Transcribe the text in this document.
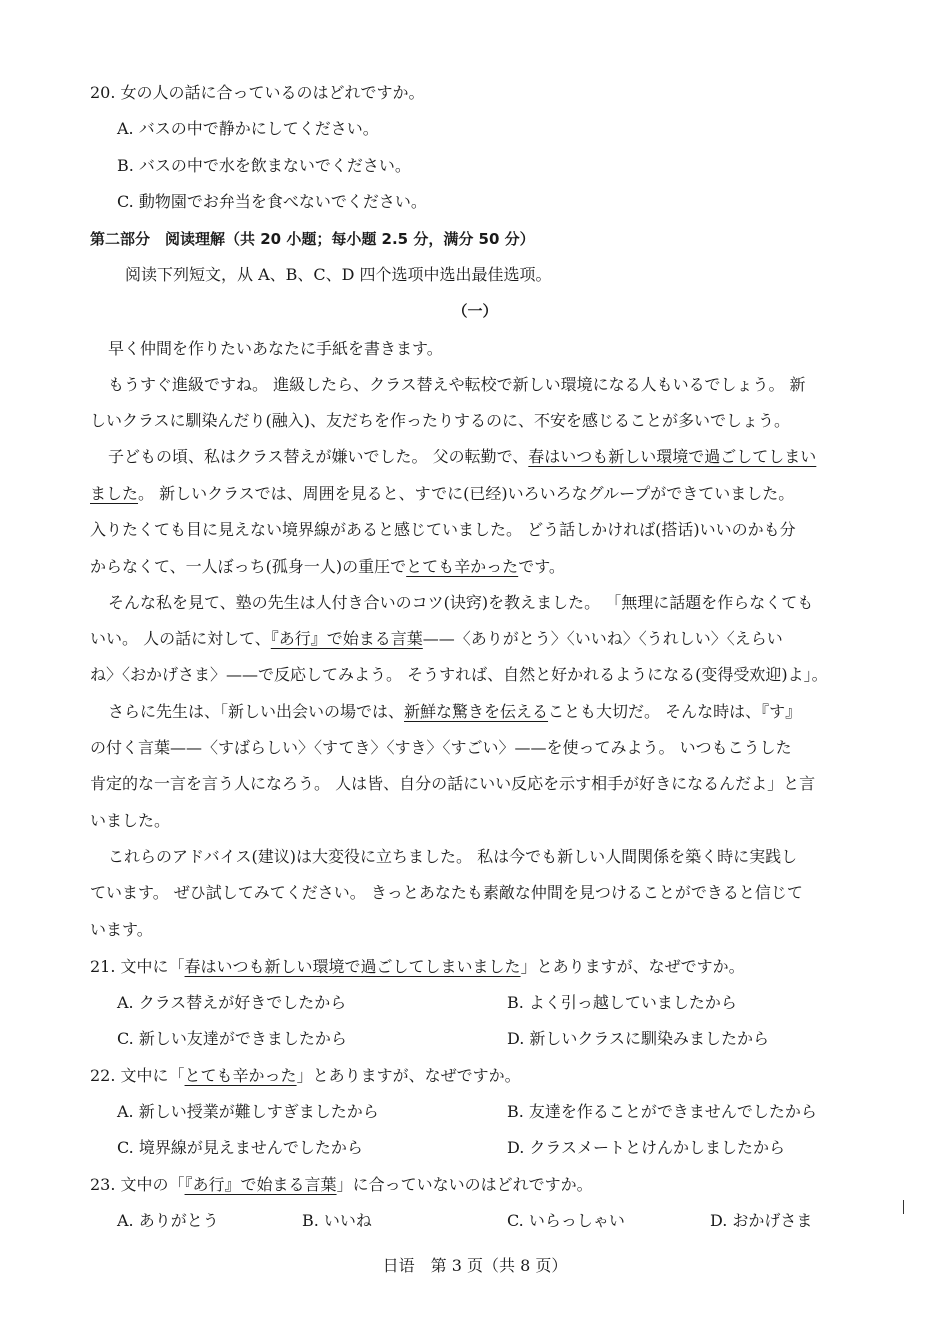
20. 女の人の話に合っているのはどれですか。
A. バスの中で静かにしてください。
B. バスの中で水を飲まないでください。
C. 動物園でお弁当を食べないでください。
第二部分　阅读理解（共 20 小题；每小题 2.5 分，满分 50 分）
阅读下列短文，从 A、B、C、D 四个选项中选出最佳选项。
（一）
早く仲間を作りたいあなたに手紙を書きます。
もうすぐ進級ですね。 進級したら、クラス替えや転校で新しい環境になる人もいるでしょう。 新
しいクラスに馴染んだり(融入)、友だちを作ったりするのに、不安を感じることが多いでしょう。
子どもの頃、私はクラス替えが嫌いでした。 父の転勤で、春はいつも新しい環境で過ごしてしまい
ました。 新しいクラスでは、周囲を見ると、すでに(已经)いろいろなグループができていました。
入りたくても目に見えない境界線があると感じていました。 どう話しかければ(搭话)いいのかも分
からなくて、一人ぼっち(孤身一人)の重圧でとても辛かったです。
そんな私を見て、塾の先生は人付き合いのコツ(诀窍)を教えました。 「無理に話題を作らなくても
いい。 人の話に対して、『あ行』で始まる言葉——〈ありがとう〉〈いいね〉〈うれしい〉〈えらい
ね〉〈おかげさま〉——で反応してみよう。 そうすれば、自然と好かれるようになる(变得受欢迎)よ」。
さらに先生は、「新しい出会いの場では、新鮮な驚きを伝えることも大切だ。 そんな時は、『す』
の付く言葉——〈すばらしい〉〈すてき〉〈すき〉〈すごい〉——を使ってみよう。 いつもこうした
肯定的な一言を言う人になろう。 人は皆、自分の話にいい反応を示す相手が好きになるんだよ」と言
いました。
これらのアドバイス(建议)は大変役に立ちました。 私は今でも新しい人間関係を築く時に実践し
ています。 ぜひ試してみてください。 きっとあなたも素敵な仲間を見つけることができると信じて
います。
21. 文中に「春はいつも新しい環境で過ごしてしまいました」とありますが、なぜですか。
A. クラス替えが好きでしたから	B. よく引っ越していましたから
C. 新しい友達ができましたから	D. 新しいクラスに馴染みましたから
22. 文中に「とても辛かった」とありますが、なぜですか。
A. 新しい授業が難しすぎましたから	B. 友達を作ることができませんでしたから
C. 境界線が見えませんでしたから	D. クラスメートとけんかしましたから
23. 文中の「『あ行』で始まる言葉」に合っていないのはどれですか。
A. ありがとう	B. いいね	C. いらっしゃい	D. おかげさま
日语　第 3 页（共 8 页）
